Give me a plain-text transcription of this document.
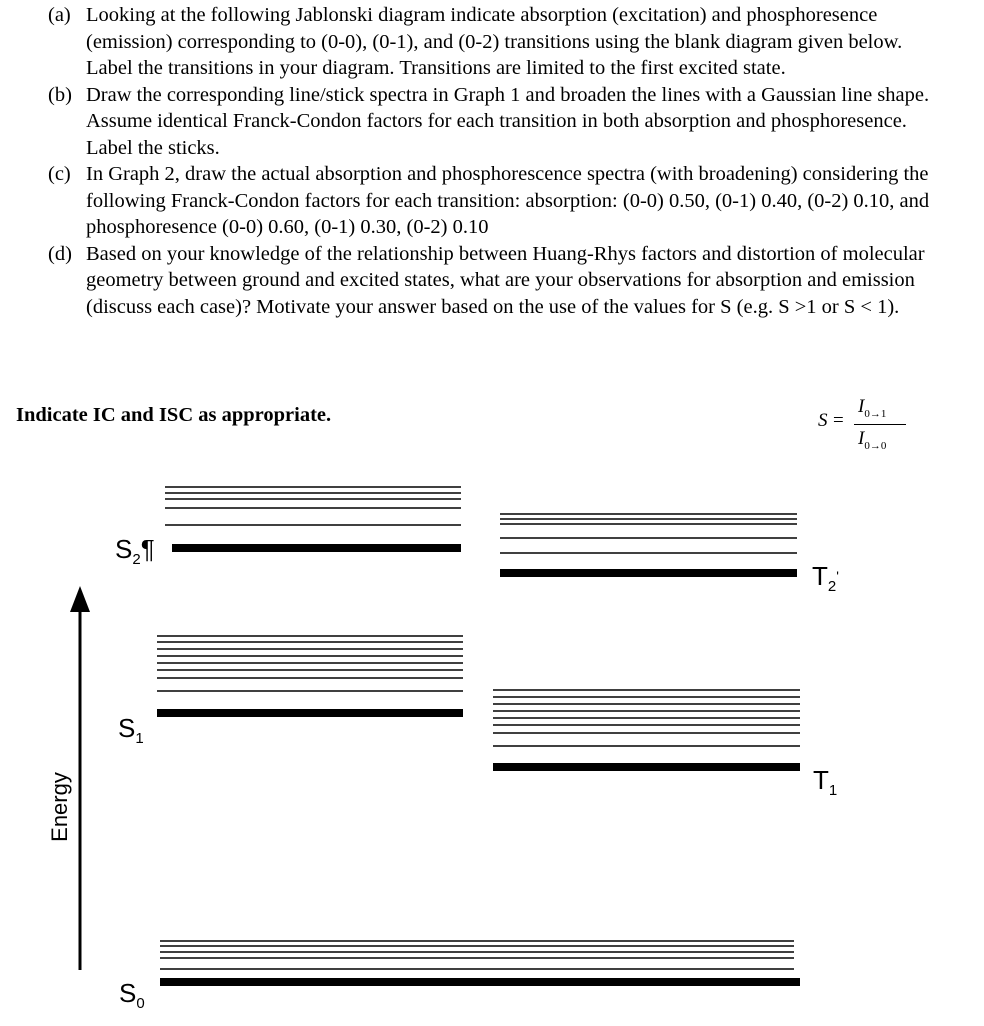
(a) Looking at the following Jablonski diagram indicate absorption (excitation) and phosphoresence (emission) corresponding to (0-0), (0-1), and (0-2) transitions using the blank diagram given below. Label the transitions in your diagram. Transitions are limited to the first excited state.
(b) Draw the corresponding line/stick spectra in Graph 1 and broaden the lines with a Gaussian line shape. Assume identical Franck-Condon factors for each transition in both absorption and phosphoresence. Label the sticks.
(c) In Graph 2, draw the actual absorption and phosphorescence spectra (with broadening) considering the following Franck-Condon factors for each transition: absorption: (0-0) 0.50, (0-1) 0.40, (0-2) 0.10, and phosphoresence (0-0) 0.60, (0-1) 0.30, (0-2) 0.10
(d) Based on your knowledge of the relationship between Huang-Rhys factors and distortion of molecular geometry between ground and excited states, what are your observations for absorption and emission (discuss each case)? Motivate your answer based on the use of the values for S (e.g. S >1 or S < 1).
Indicate IC and ISC as appropriate.	S =
$I_{0\to 1}$
$I_{0\to 0}$
$S_2\P$
$T_2'$
$S_1$
$T_1$
$S_0$
Energy
